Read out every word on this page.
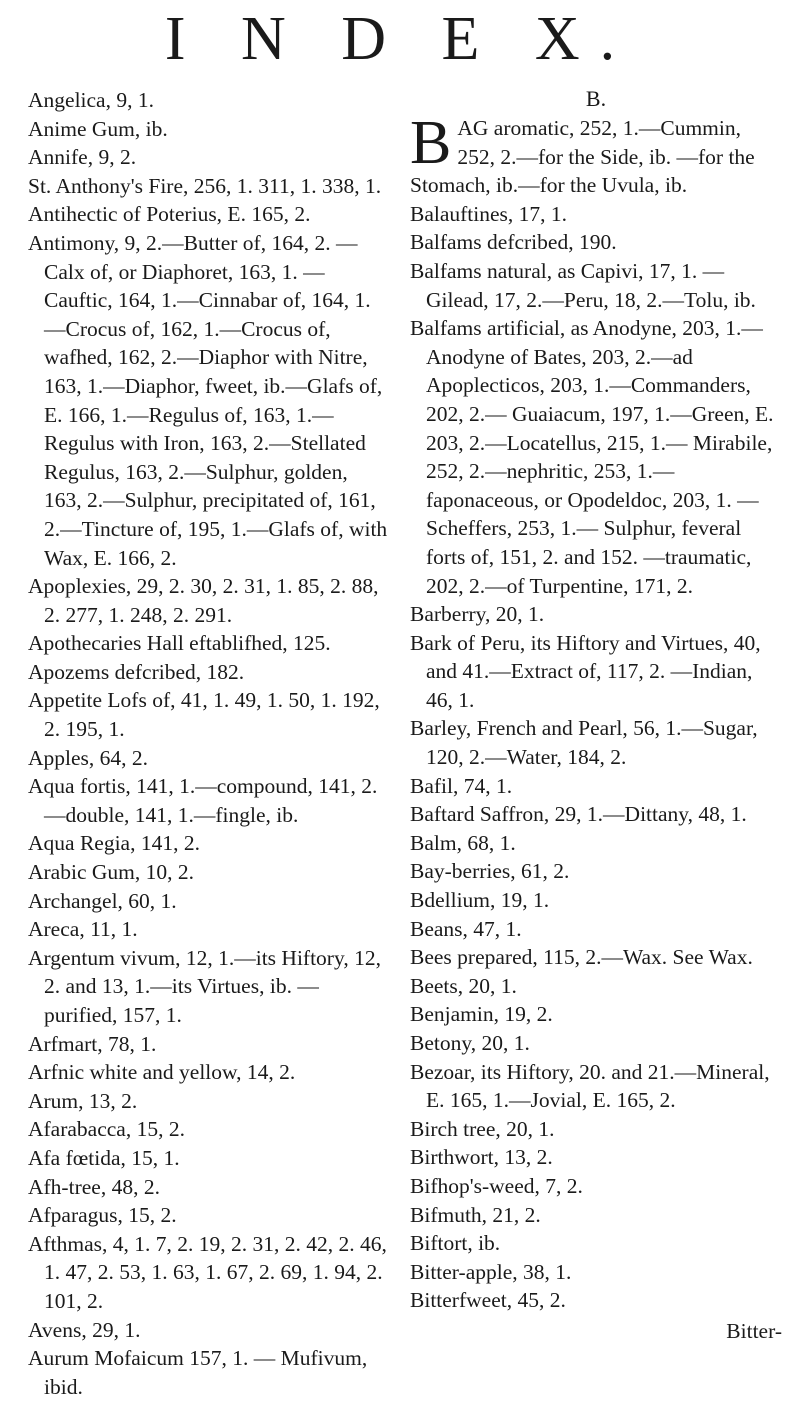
I N D E X.

Angelica, 9, 1.

Anime Gum, ib.

Annife, 9, 2.

St. Anthony's Fire, 256, 1. 311, 1. 338, 1.

Antihectic of Poterius, E. 165, 2.

Antimony, 9, 2.—Butter of, 164, 2. —Calx of, or Diaphoret, 163, 1. —Cauftic, 164, 1.—Cinnabar of, 164, 1.—Crocus of, 162, 1.—Crocus of, wafhed, 162, 2.—Diaphor with Nitre, 163, 1.—Diaphor, fweet, ib.—Glafs of, E. 166, 1.—Regulus of, 163, 1.—Regulus with Iron, 163, 2.—Stellated Regulus, 163, 2.—Sulphur, golden, 163, 2.—Sulphur, precipitated of, 161, 2.—Tincture of, 195, 1.—Glafs of, with Wax, E. 166, 2.

Apoplexies, 29, 2. 30, 2. 31, 1. 85, 2. 88, 2. 277, 1. 248, 2. 291.

Apothecaries Hall eftablifhed, 125.

Apozems defcribed, 182.

Appetite Lofs of, 41, 1. 49, 1. 50, 1. 192, 2. 195, 1.

Apples, 64, 2.

Aqua fortis, 141, 1.—compound, 141, 2.—double, 141, 1.—fingle, ib.

Aqua Regia, 141, 2.

Arabic Gum, 10, 2.

Archangel, 60, 1.

Areca, 11, 1.

Argentum vivum, 12, 1.—its Hiftory, 12, 2. and 13, 1.—its Virtues, ib. —purified, 157, 1.

Arfmart, 78, 1.

Arfnic white and yellow, 14, 2.

Arum, 13, 2.

Afarabacca, 15, 2.

Afa fœtida, 15, 1.

Afh-tree, 48, 2.

Afparagus, 15, 2.

Afthmas, 4, 1. 7, 2. 19, 2. 31, 2. 42, 2. 46, 1. 47, 2. 53, 1. 63, 1. 67, 2. 69, 1. 94, 2. 101, 2.

Avens, 29, 1.

Aurum Mofaicum 157, 1. — Mufivum, ibid.

B.

BAG aromatic, 252, 1.—Cummin, 252, 2.—for the Side, ib. —for the Stomach, ib.—for the Uvula, ib.

Balauftines, 17, 1.

Balfams defcribed, 190.

Balfams natural, as Capivi, 17, 1. —Gilead, 17, 2.—Peru, 18, 2.—Tolu, ib.

Balfams artificial, as Anodyne, 203, 1.—Anodyne of Bates, 203, 2.—ad Apoplecticos, 203, 1.—Commanders, 202, 2.— Guaiacum, 197, 1.—Green, E. 203, 2.—Locatellus, 215, 1.— Mirabile, 252, 2.—nephritic, 253, 1.—faponaceous, or Opodeldoc, 203, 1. — Scheffers, 253, 1.— Sulphur, feveral forts of, 151, 2. and 152. —traumatic, 202, 2.—of Turpentine, 171, 2.

Barberry, 20, 1.

Bark of Peru, its Hiftory and Virtues, 40, and 41.—Extract of, 117, 2. —Indian, 46, 1.

Barley, French and Pearl, 56, 1.—Sugar, 120, 2.—Water, 184, 2.

Bafil, 74, 1.

Baftard Saffron, 29, 1.—Dittany, 48, 1.

Balm, 68, 1.

Bay-berries, 61, 2.

Bdellium, 19, 1.

Beans, 47, 1.

Bees prepared, 115, 2.—Wax. See Wax.

Beets, 20, 1.

Benjamin, 19, 2.

Betony, 20, 1.

Bezoar, its Hiftory, 20. and 21.—Mineral, E. 165, 1.—Jovial, E. 165, 2.

Birch tree, 20, 1.

Birthwort, 13, 2.

Bifhop's-weed, 7, 2.

Bifmuth, 21, 2.

Biftort, ib.

Bitter-apple, 38, 1.

Bitterfweet, 45, 2.

Bitter-
